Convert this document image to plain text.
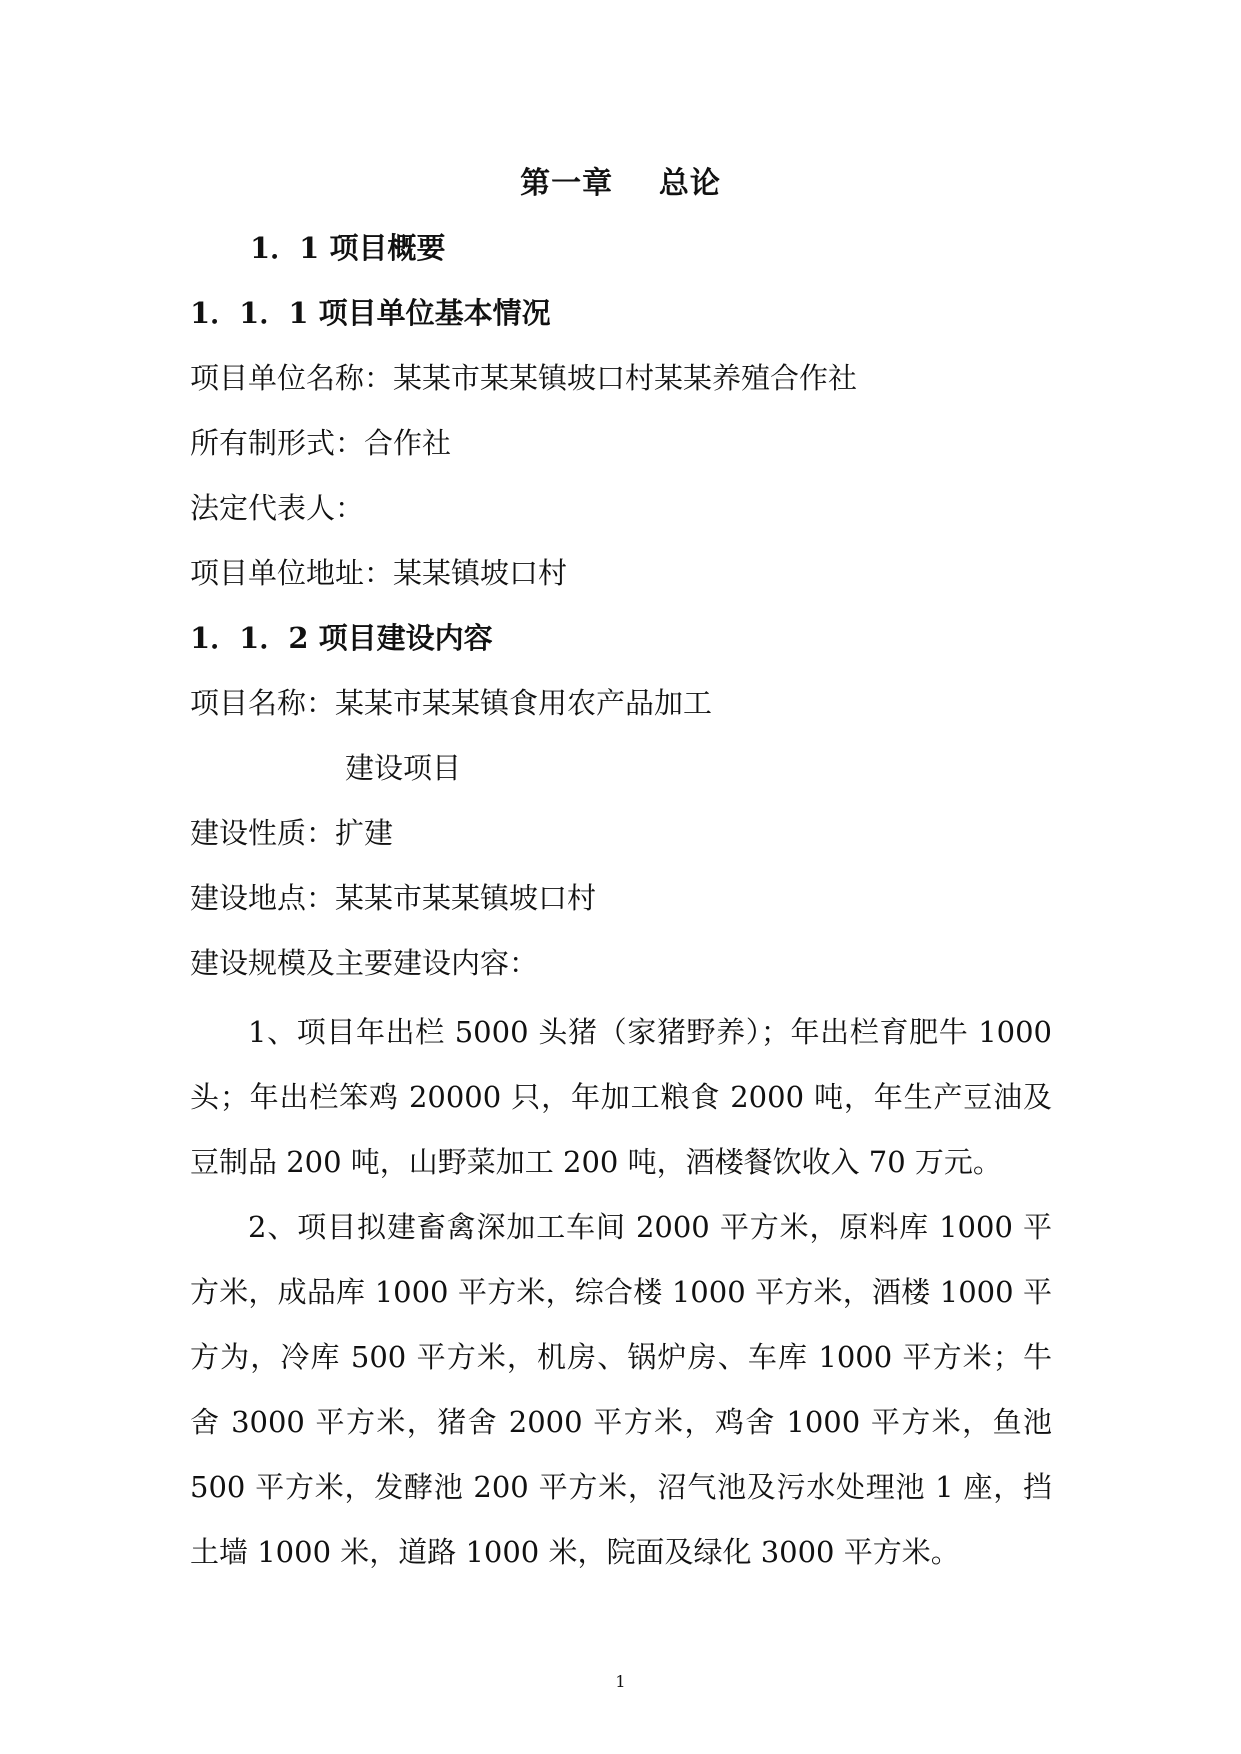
第一章    总论
1．1 项目概要
1．1．1 项目单位基本情况
项目单位名称：某某市某某镇坡口村某某养殖合作社
所有制形式：合作社
法定代表人：
项目单位地址：某某镇坡口村
1．1．2 项目建设内容
项目名称：某某市某某镇食用农产品加工
建设项目
建设性质：扩建
建设地点：某某市某某镇坡口村
建设规模及主要建设内容：
1、项目年出栏 5000 头猪（家猪野养）；年出栏育肥牛 1000 头；年出栏笨鸡 20000 只，年加工粮食 2000 吨，年生产豆油及豆制品 200 吨，山野菜加工 200 吨，酒楼餐饮收入 70 万元。
2、项目拟建畜禽深加工车间 2000 平方米，原料库 1000 平方米，成品库 1000 平方米，综合楼 1000 平方米，酒楼 1000 平方为，冷库 500 平方米，机房、锅炉房、车库 1000 平方米；牛舍 3000 平方米，猪舍 2000 平方米，鸡舍 1000 平方米，鱼池 500 平方米，发酵池 200 平方米，沼气池及污水处理池 1 座，挡土墙 1000 米，道路 1000 米，院面及绿化 3000 平方米。
1
